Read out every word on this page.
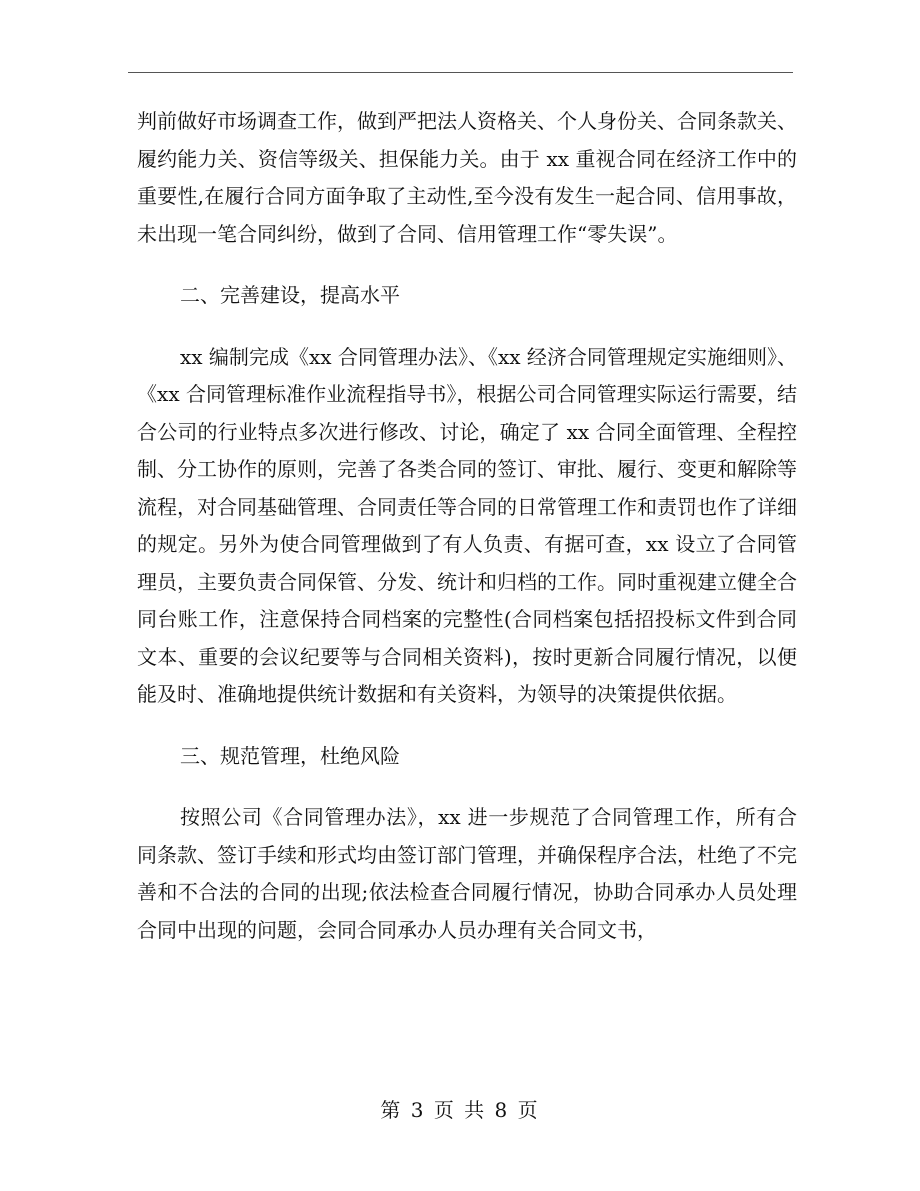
判前做好市场调查工作，做到严把法人资格关、个人身份关、合同条款关、履约能力关、资信等级关、担保能力关。由于 xx 重视合同在经济工作中的重要性,在履行合同方面争取了主动性,至今没有发生一起合同、信用事故，未出现一笔合同纠纷，做到了合同、信用管理工作“零失误”。

二、完善建设，提高水平

xx 编制完成《xx 合同管理办法》、《xx 经济合同管理规定实施细则》、《xx 合同管理标准作业流程指导书》，根据公司合同管理实际运行需要，结合公司的行业特点多次进行修改、讨论，确定了 xx 合同全面管理、全程控制、分工协作的原则，完善了各类合同的签订、审批、履行、变更和解除等流程，对合同基础管理、合同责任等合同的日常管理工作和责罚也作了详细的规定。另外为使合同管理做到了有人负责、有据可查，xx 设立了合同管理员，主要负责合同保管、分发、统计和归档的工作。同时重视建立健全合同台账工作，注意保持合同档案的完整性(合同档案包括招投标文件到合同文本、重要的会议纪要等与合同相关资料)，按时更新合同履行情况，以便能及时、准确地提供统计数据和有关资料，为领导的决策提供依据。

三、规范管理，杜绝风险

按照公司《合同管理办法》，xx 进一步规范了合同管理工作，所有合同条款、签订手续和形式均由签订部门管理，并确保程序合法，杜绝了不完善和不合法的合同的出现;依法检查合同履行情况，协助合同承办人员处理合同中出现的问题，会同合同承办人员办理有关合同文书，

第 3 页 共 8 页
